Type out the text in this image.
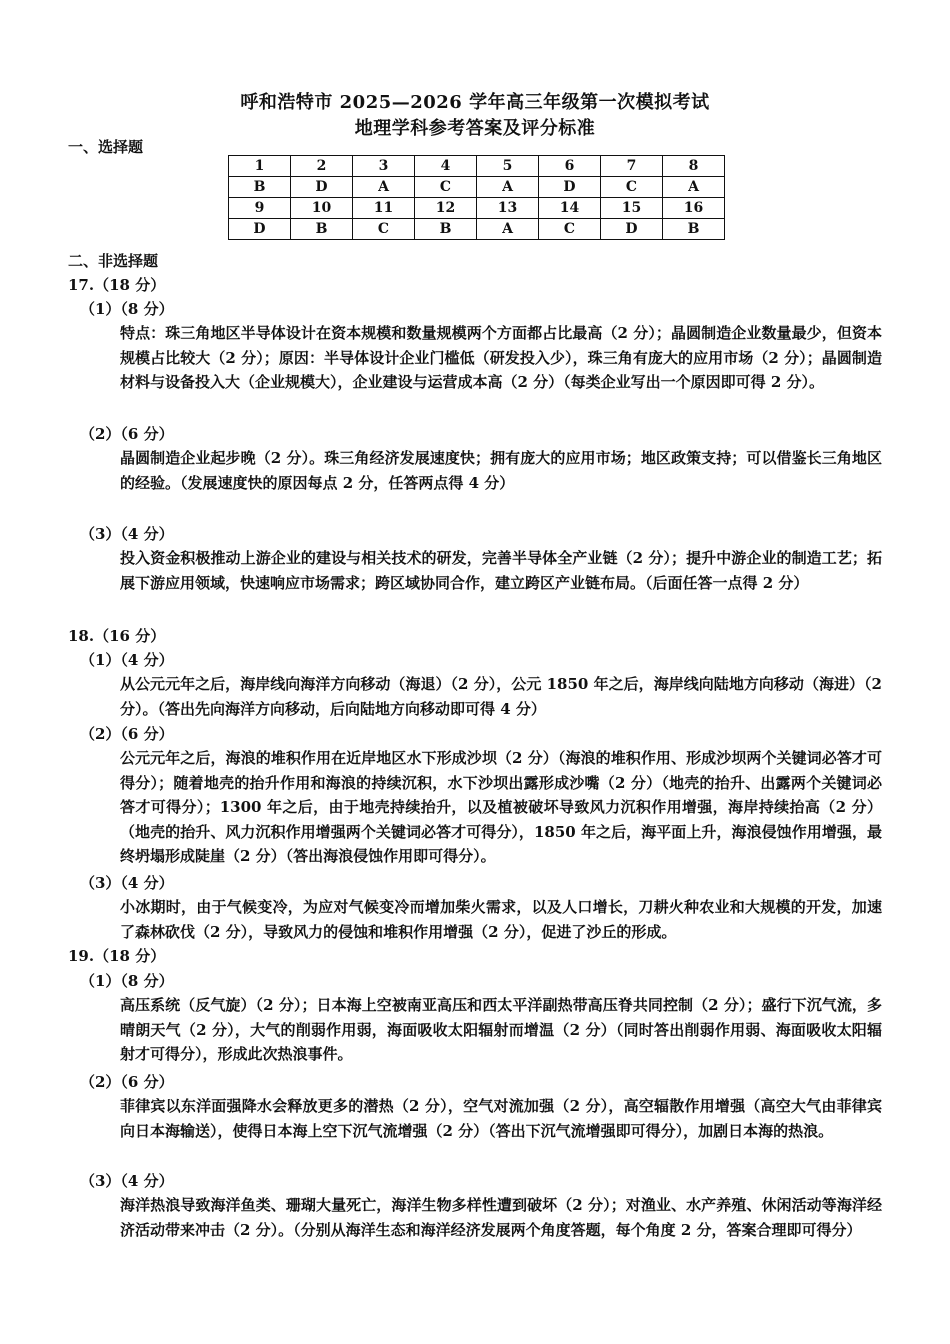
呼和浩特市 2025—2026 学年高三年级第一次模拟考试
地理学科参考答案及评分标准
一、选择题
1	2	3	4	5	6	7	8
B	D	A	C	A	D	C	A
9	10	11	12	13	14	15	16
D	B	C	B	A	C	D	B
二、非选择题
17.（18 分）
（1）（8 分）
特点：珠三角地区半导体设计在资本规模和数量规模两个方面都占比最高（2 分）；晶圆制造企业数量最少，但资本规模占比较大（2 分）；原因：半导体设计企业门槛低（研发投入少），珠三角有庞大的应用市场（2 分）；晶圆制造材料与设备投入大（企业规模大），企业建设与运营成本高（2 分）（每类企业写出一个原因即可得 2 分）。
（2）（6 分）
晶圆制造企业起步晚（2 分）。珠三角经济发展速度快；拥有庞大的应用市场；地区政策支持；可以借鉴长三角地区的经验。（发展速度快的原因每点 2 分，任答两点得 4 分）
（3）（4 分）
投入资金积极推动上游企业的建设与相关技术的研发，完善半导体全产业链（2 分）；提升中游企业的制造工艺；拓展下游应用领域，快速响应市场需求；跨区域协同合作，建立跨区产业链布局。（后面任答一点得 2 分）
18.（16 分）
（1）（4 分）
从公元元年之后，海岸线向海洋方向移动（海退）（2 分），公元 1850 年之后，海岸线向陆地方向移动（海进）（2 分）。（答出先向海洋方向移动，后向陆地方向移动即可得 4 分）
（2）（6 分）
公元元年之后，海浪的堆积作用在近岸地区水下形成沙坝（2 分）（海浪的堆积作用、形成沙坝两个关键词必答才可得分）；随着地壳的抬升作用和海浪的持续沉积，水下沙坝出露形成沙嘴（2 分）（地壳的抬升、出露两个关键词必答才可得分）；1300 年之后，由于地壳持续抬升，以及植被破坏导致风力沉积作用增强，海岸持续抬高（2 分）（地壳的抬升、风力沉积作用增强两个关键词必答才可得分），1850 年之后，海平面上升，海浪侵蚀作用增强，最终坍塌形成陡崖（2 分）（答出海浪侵蚀作用即可得分）。
（3）（4 分）
小冰期时，由于气候变冷，为应对气候变冷而增加柴火需求，以及人口增长，刀耕火种农业和大规模的开发，加速了森林砍伐（2 分），导致风力的侵蚀和堆积作用增强（2 分），促进了沙丘的形成。
19.（18 分）
（1）（8 分）
高压系统（反气旋）（2 分）；日本海上空被南亚高压和西太平洋副热带高压脊共同控制（2 分）；盛行下沉气流，多晴朗天气（2 分），大气的削弱作用弱，海面吸收太阳辐射而增温（2 分）（同时答出削弱作用弱、海面吸收太阳辐射才可得分），形成此次热浪事件。
（2）（6 分）
菲律宾以东洋面强降水会释放更多的潜热（2 分），空气对流加强（2 分），高空辐散作用增强（高空大气由菲律宾向日本海输送），使得日本海上空下沉气流增强（2 分）（答出下沉气流增强即可得分），加剧日本海的热浪。
（3）（4 分）
海洋热浪导致海洋鱼类、珊瑚大量死亡，海洋生物多样性遭到破坏（2 分）；对渔业、水产养殖、休闲活动等海洋经济活动带来冲击（2 分）。（分别从海洋生态和海洋经济发展两个角度答题，每个角度 2 分，答案合理即可得分）
